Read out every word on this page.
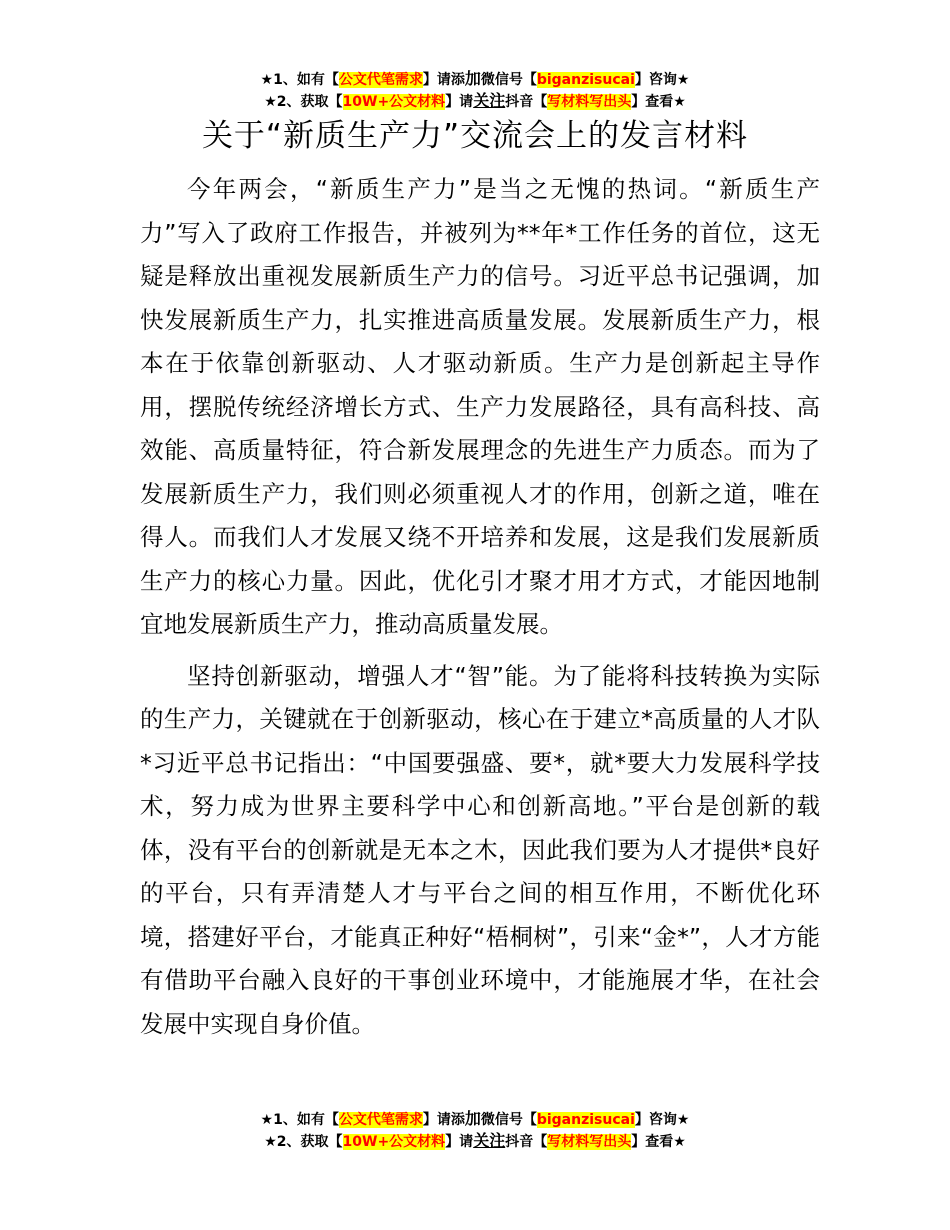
★1、如有【公文代笔需求】请添加微信号【biganzisucai】咨询★
★2、获取【10W+公文材料】请关注抖音【写材料写出头】查看★
关于“新质生产力”交流会上的发言材料

今年两会，“新质生产力”是当之无愧的热词。“新质生产力”写入了政府工作报告，并被列为**年*工作任务的首位，这无疑是释放出重视发展新质生产力的信号。习近平总书记强调，加快发展新质生产力，扎实推进高质量发展。发展新质生产力，根本在于依靠创新驱动、人才驱动新质。生产力是创新起主导作用，摆脱传统经济增长方式、生产力发展路径，具有高科技、高效能、高质量特征，符合新发展理念的先进生产力质态。而为了发展新质生产力，我们则必须重视人才的作用，创新之道，唯在得人。而我们人才发展又绕不开培养和发展，这是我们发展新质生产力的核心力量。因此，优化引才聚才用才方式，才能因地制宜地发展新质生产力，推动高质量发展。

坚持创新驱动，增强人才“智”能。为了能将科技转换为实际的生产力，关键就在于创新驱动，核心在于建立*高质量的人才队*习近平总书记指出：“中国要强盛、要*，就*要大力发展科学技术，努力成为世界主要科学中心和创新高地。”平台是创新的载体，没有平台的创新就是无本之木，因此我们要为人才提供*良好的平台，只有弄清楚人才与平台之间的相互作用，不断优化环境，搭建好平台，才能真正种好“梧桐树”，引来“金*”，人才方能有借助平台融入良好的干事创业环境中，才能施展才华，在社会发展中实现自身价值。

★1、如有【公文代笔需求】请添加微信号【biganzisucai】咨询★
★2、获取【10W+公文材料】请关注抖音【写材料写出头】查看★
